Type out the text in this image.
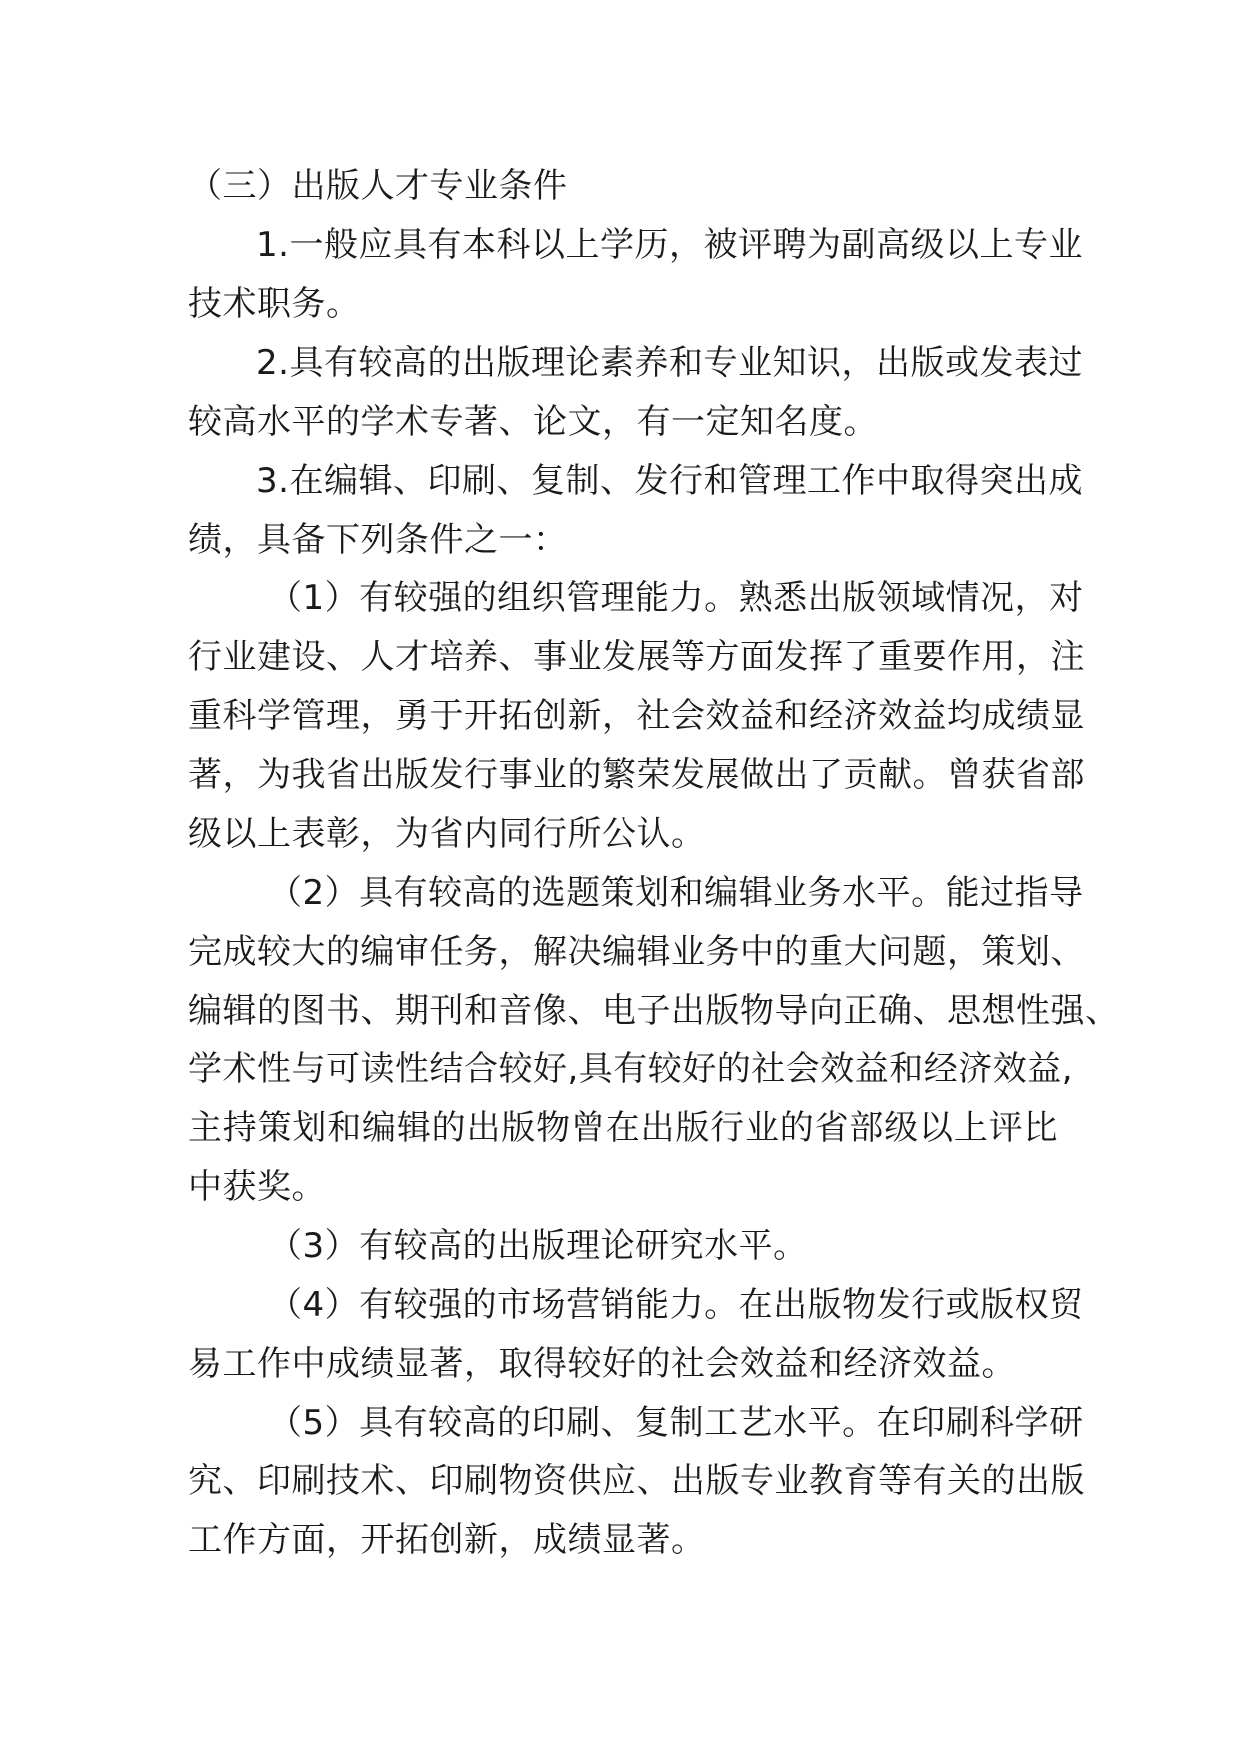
（三）出版人才专业条件
1.一般应具有本科以上学历，被评聘为副高级以上专业
技术职务。
2.具有较高的出版理论素养和专业知识，出版或发表过
较高水平的学术专著、论文，有一定知名度。
3.在编辑、印刷、复制、发行和管理工作中取得突出成
绩，具备下列条件之一：
（1）有较强的组织管理能力。熟悉出版领域情况，对
行业建设、人才培养、事业发展等方面发挥了重要作用，注
重科学管理，勇于开拓创新，社会效益和经济效益均成绩显
著，为我省出版发行事业的繁荣发展做出了贡献。曾获省部
级以上表彰，为省内同行所公认。
（2）具有较高的选题策划和编辑业务水平。能过指导
完成较大的编审任务，解决编辑业务中的重大问题，策划、
编辑的图书、期刊和音像、电子出版物导向正确、思想性强、
学术性与可读性结合较好,具有较好的社会效益和经济效益,
主持策划和编辑的出版物曾在出版行业的省部级以上评比
中获奖。
（3）有较高的出版理论研究水平。
（4）有较强的市场营销能力。在出版物发行或版权贸
易工作中成绩显著，取得较好的社会效益和经济效益。
（5）具有较高的印刷、复制工艺水平。在印刷科学研
究、印刷技术、印刷物资供应、出版专业教育等有关的出版
工作方面，开拓创新，成绩显著。
